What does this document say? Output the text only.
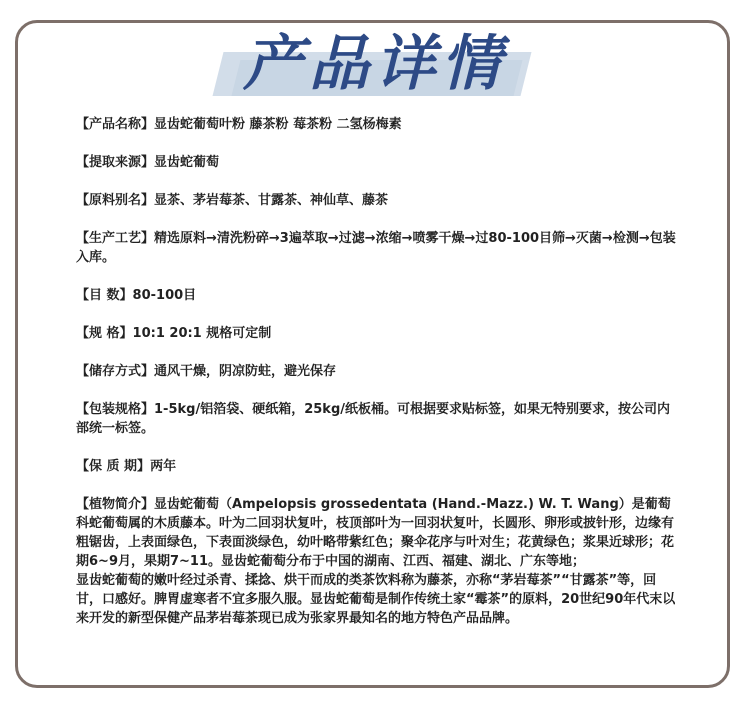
产品详情

【产品名称】显齿蛇葡萄叶粉 藤茶粉 莓茶粉 二氢杨梅素

【提取来源】显齿蛇葡萄

【原料别名】显茶、茅岩莓茶、甘露茶、神仙草、藤茶

【生产工艺】精选原料→清洗粉碎→3遍萃取→过滤→浓缩→喷雾干燥→过80-100目筛→灭菌→检测→包装入库。

【目 数】80-100目

【规 格】10:1 20:1 规格可定制

【储存方式】通风干燥，阴凉防蛀，避光保存

【包装规格】1-5kg/铝箔袋、硬纸箱，25kg/纸板桶。可根据要求贴标签，如果无特别要求，按公司内部统一标签。

【保 质 期】两年

【植物简介】显齿蛇葡萄（Ampelopsis grossedentata (Hand.-Mazz.) W. T. Wang）是葡萄科蛇葡萄属的木质藤本。叶为二回羽状复叶，枝顶部叶为一回羽状复叶，长圆形、卵形或披针形，边缘有粗锯齿，上表面绿色，下表面淡绿色，幼叶略带紫红色；聚伞花序与叶对生；花黄绿色；浆果近球形；花期6~9月，果期7~11。显齿蛇葡萄分布于中国的湖南、江西、福建、湖北、广东等地；

显齿蛇葡萄的嫩叶经过杀青、揉捻、烘干而成的类茶饮料称为藤茶，亦称“茅岩莓茶”“甘露茶”等，回甘，口感好。脾胃虚寒者不宜多服久服。显齿蛇葡萄是制作传统土家“霉茶”的原料，20世纪90年代末以来开发的新型保健产品茅岩莓茶现已成为张家界最知名的地方特色产品品牌。
